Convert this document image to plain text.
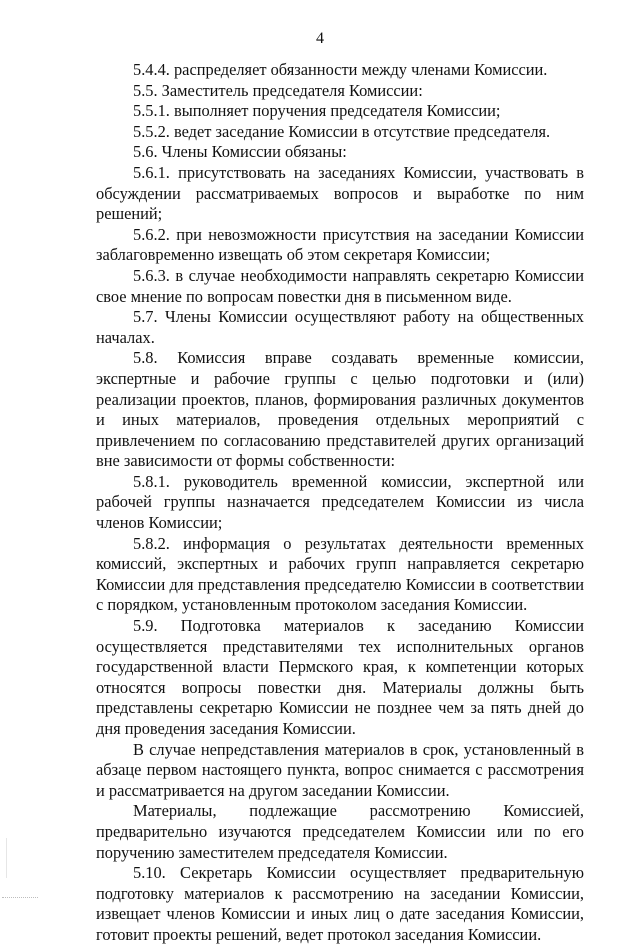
4

5.4.4. распределяет обязанности между членами Комиссии.

5.5. Заместитель председателя Комиссии:

5.5.1. выполняет поручения председателя Комиссии;

5.5.2. ведет заседание Комиссии в отсутствие председателя.

5.6. Члены Комиссии обязаны:

5.6.1. присутствовать на заседаниях Комиссии, участвовать в обсуждении рассматриваемых вопросов и выработке по ним решений;

5.6.2. при невозможности присутствия на заседании Комиссии заблаговременно извещать об этом секретаря Комиссии;

5.6.3. в случае необходимости направлять секретарю Комиссии свое мнение по вопросам повестки дня в письменном виде.

5.7. Члены Комиссии осуществляют работу на общественных началах.

5.8. Комиссия вправе создавать временные комиссии, экспертные и рабочие группы с целью подготовки и (или) реализации проектов, планов, формирования различных документов и иных материалов, проведения отдельных мероприятий с привлечением по согласованию представителей других организаций вне зависимости от формы собственности:

5.8.1. руководитель временной комиссии, экспертной или рабочей группы назначается председателем Комиссии из числа членов Комиссии;

5.8.2. информация о результатах деятельности временных комиссий, экспертных и рабочих групп направляется секретарю Комиссии для представления председателю Комиссии в соответствии с порядком, установленным протоколом заседания Комиссии.

5.9. Подготовка материалов к заседанию Комиссии осуществляется представителями тех исполнительных органов государственной власти Пермского края, к компетенции которых относятся вопросы повестки дня. Материалы должны быть представлены секретарю Комиссии не позднее чем за пять дней до дня проведения заседания Комиссии.

В случае непредставления материалов в срок, установленный в абзаце первом настоящего пункта, вопрос снимается с рассмотрения и рассматривается на другом заседании Комиссии.

Материалы, подлежащие рассмотрению Комиссией, предварительно изучаются председателем Комиссии или по его поручению заместителем председателя Комиссии.

5.10. Секретарь Комиссии осуществляет предварительную подготовку материалов к рассмотрению на заседании Комиссии, извещает членов Комиссии и иных лиц о дате заседания Комиссии, готовит проекты решений, ведет протокол заседания Комиссии.
